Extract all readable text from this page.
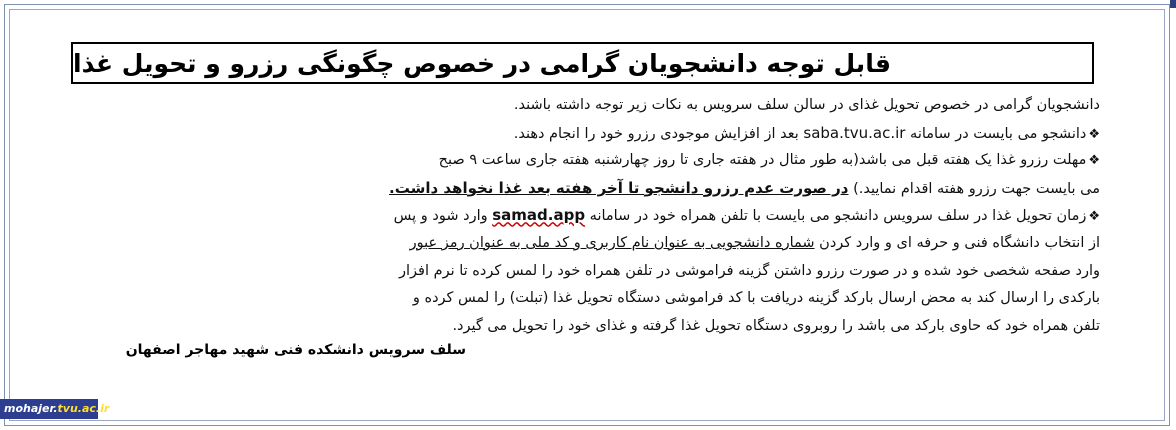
قابل توجه دانشجویان گرامی در خصوص چگونگی رزرو و تحویل غذا
دانشجویان گرامی در خصوص تحویل غذای در سالن سلف سرویس به نکات زیر توجه داشته باشند.
❖دانشجو می بایست در سامانه saba.tvu.ac.ir بعد از افزایش موجودی رزرو خود را انجام دهند.
❖مهلت رزرو غذا یک هفته قبل می باشد(به طور مثال در هفته جاری تا روز چهارشنبه هفته جاری ساعت ۹ صبح
می بایست جهت رزرو هفته اقدام نمایید.) در صورت عدم رزرو دانشجو تا آخر هفته بعد غذا نخواهد داشت.
❖زمان تحویل غذا در سلف سرویس دانشجو می بایست با تلفن همراه خود در سامانه samad.app وارد شود و پس
از انتخاب دانشگاه فنی و حرفه ای و وارد کردن شماره دانشجویی به عنوان نام کاربری و کد ملی به عنوان رمز عبور
وارد صفحه شخصی خود شده و در صورت رزرو داشتن گزینه فراموشی در تلفن همراه خود را لمس کرده تا نرم افزار
بارکدی را ارسال کند به محض ارسال بارکد گزینه دریافت با کد فراموشی دستگاه تحویل غذا (تبلت) را لمس کرده و
تلفن همراه خود که حاوی بارکد می باشد را روبروی دستگاه تحویل غذا گرفته و غذای خود را تحویل می گیرد.
سلف سرویس دانشکده فنی شهید مهاجر اصفهان
mohajer.tvu.ac.ir
